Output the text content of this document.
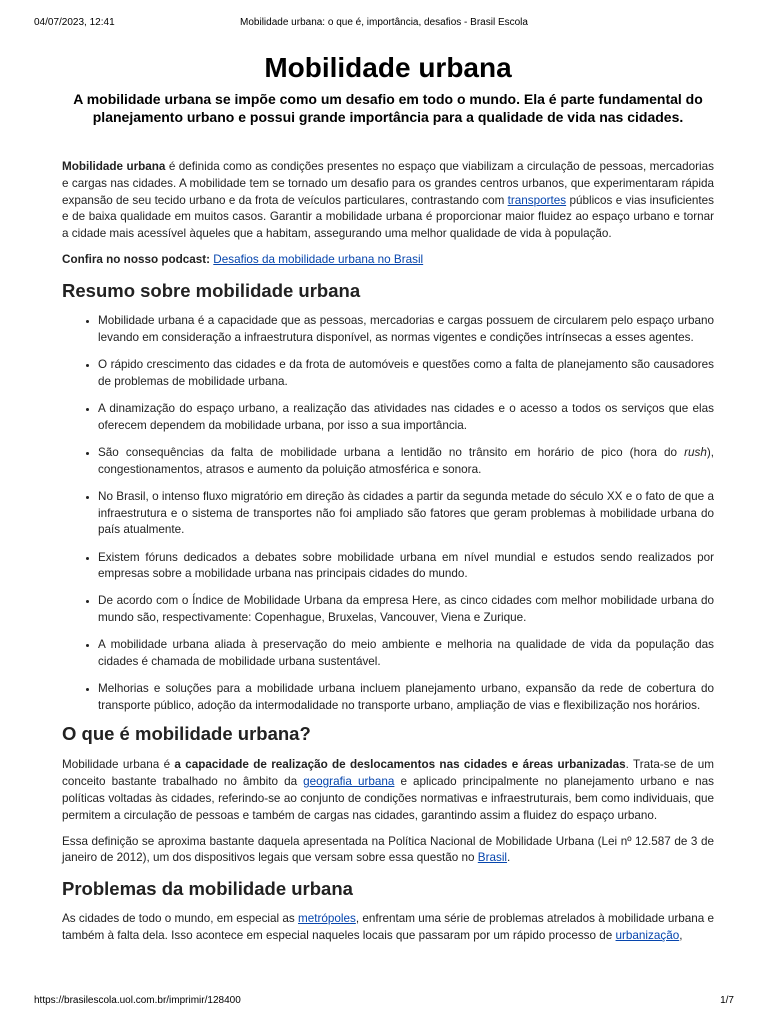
04/07/2023, 12:41	Mobilidade urbana: o que é, importância, desafios - Brasil Escola
Mobilidade urbana
A mobilidade urbana se impõe como um desafio em todo o mundo. Ela é parte fundamental do planejamento urbano e possui grande importância para a qualidade de vida nas cidades.

Mobilidade urbana é definida como as condições presentes no espaço que viabilizam a circulação de pessoas, mercadorias e cargas nas cidades. A mobilidade tem se tornado um desafio para os grandes centros urbanos, que experimentaram rápida expansão de seu tecido urbano e da frota de veículos particulares, contrastando com transportes públicos e vias insuficientes e de baixa qualidade em muitos casos. Garantir a mobilidade urbana é proporcionar maior fluidez ao espaço urbano e tornar a cidade mais acessível àqueles que a habitam, assegurando uma melhor qualidade de vida à população.

Confira no nosso podcast: Desafios da mobilidade urbana no Brasil

Resumo sobre mobilidade urbana
• Mobilidade urbana é a capacidade que as pessoas, mercadorias e cargas possuem de circularem pelo espaço urbano levando em consideração a infraestrutura disponível, as normas vigentes e condições intrínsecas a esses agentes.
• O rápido crescimento das cidades e da frota de automóveis e questões como a falta de planejamento são causadores de problemas de mobilidade urbana.
• A dinamização do espaço urbano, a realização das atividades nas cidades e o acesso a todos os serviços que elas oferecem dependem da mobilidade urbana, por isso a sua importância.
• São consequências da falta de mobilidade urbana a lentidão no trânsito em horário de pico (hora do rush), congestionamentos, atrasos e aumento da poluição atmosférica e sonora.
• No Brasil, o intenso fluxo migratório em direção às cidades a partir da segunda metade do século XX e o fato de que a infraestrutura e o sistema de transportes não foi ampliado são fatores que geram problemas à mobilidade urbana do país atualmente.
• Existem fóruns dedicados a debates sobre mobilidade urbana em nível mundial e estudos sendo realizados por empresas sobre a mobilidade urbana nas principais cidades do mundo.
• De acordo com o Índice de Mobilidade Urbana da empresa Here, as cinco cidades com melhor mobilidade urbana do mundo são, respectivamente: Copenhague, Bruxelas, Vancouver, Viena e Zurique.
• A mobilidade urbana aliada à preservação do meio ambiente e melhoria na qualidade de vida da população das cidades é chamada de mobilidade urbana sustentável.
• Melhorias e soluções para a mobilidade urbana incluem planejamento urbano, expansão da rede de cobertura do transporte público, adoção da intermodalidade no transporte urbano, ampliação de vias e flexibilização nos horários.
O que é mobilidade urbana?

Mobilidade urbana é a capacidade de realização de deslocamentos nas cidades e áreas urbanizadas. Trata-se de um conceito bastante trabalhado no âmbito da geografia urbana e aplicado principalmente no planejamento urbano e nas políticas voltadas às cidades, referindo-se ao conjunto de condições normativas e infraestruturais, bem como individuais, que permitem a circulação de pessoas e também de cargas nas cidades, garantindo assim a fluidez do espaço urbano.

Essa definição se aproxima bastante daquela apresentada na Política Nacional de Mobilidade Urbana (Lei nº 12.587 de 3 de janeiro de 2012), um dos dispositivos legais que versam sobre essa questão no Brasil.

Problemas da mobilidade urbana

As cidades de todo o mundo, em especial as metrópoles, enfrentam uma série de problemas atrelados à mobilidade urbana e também à falta dela. Isso acontece em especial naqueles locais que passaram por um rápido processo de urbanização,

https://brasilescola.uol.com.br/imprimir/128400	1/7
